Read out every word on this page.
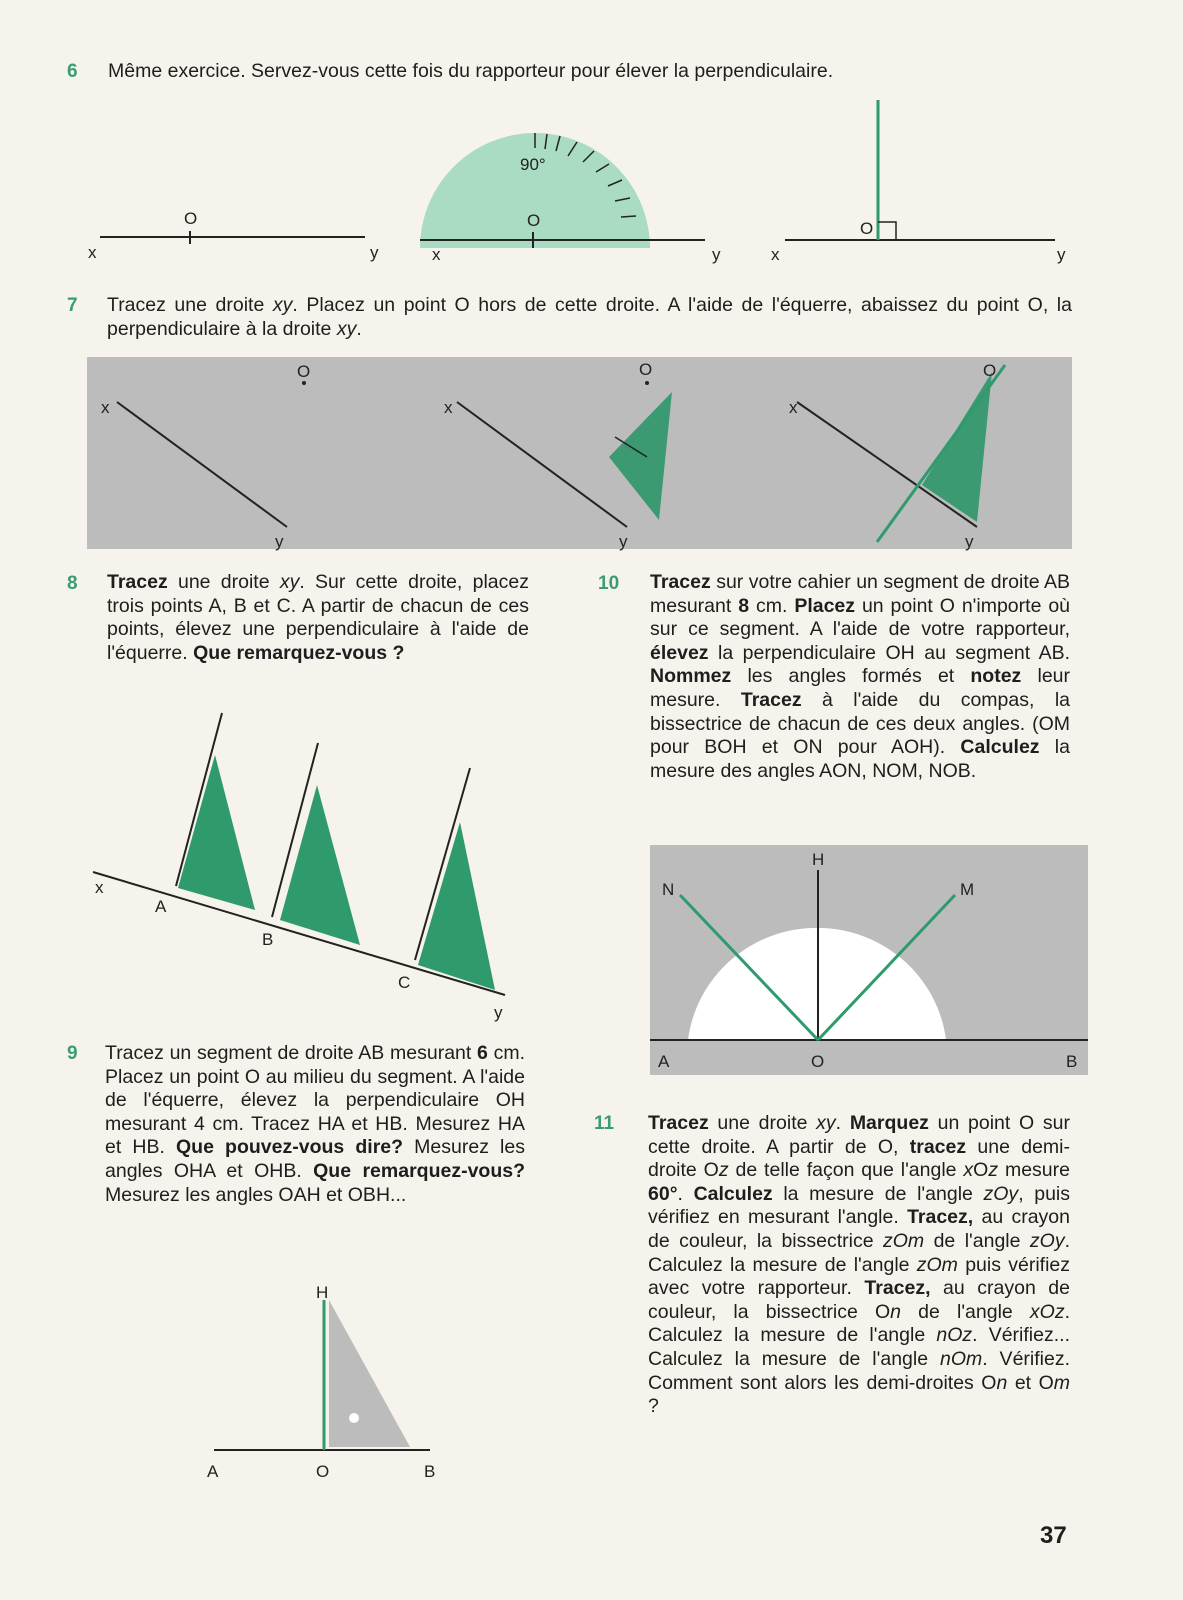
6 Même exercice. Servez-vous cette fois du rapporteur pour élever la perpendiculaire.
O
x	y
90°
O
x	y
O
x	y
7 Tracez une droite xy. Placez un point O hors de cette droite. A l'aide de l'équerre, abaissez du point O, la perpendiculaire à la droite xy.
O	O	O
x	x	x
y	y	y
8 Tracez une droite xy. Sur cette droite, placez trois points A, B et C. A partir de chacun de ces points, élevez une perpendiculaire à l'aide de l'équerre. Que remarquez-vous ?
x
A
B
C
y
9 Tracez un segment de droite AB mesurant 6 cm. Placez un point O au milieu du segment. A l'aide de l'équerre, élevez la perpendiculaire OH mesurant 4 cm. Tracez HA et HB. Mesurez HA et HB. Que pouvez-vous dire? Mesurez les angles OHA et OHB. Que remarquez-vous? Mesurez les angles OAH et OBH...
H
A	O	B
10 Tracez sur votre cahier un segment de droite AB mesurant 8 cm. Placez un point O n'importe où sur ce segment. A l'aide de votre rapporteur, élevez la perpendiculaire OH au segment AB. Nommez les angles formés et notez leur mesure. Tracez à l'aide du compas, la bissectrice de chacun de ces deux angles. (OM pour BOH et ON pour AOH). Calculez la mesure des angles AON, NOM, NOB.
H
N	M
A	O	B
11 Tracez une droite xy. Marquez un point O sur cette droite. A partir de O, tracez une demi-droite Oz de telle façon que l'angle xOz mesure 60°. Calculez la mesure de l'angle zOy, puis vérifiez en mesurant l'angle. Tracez, au crayon de couleur, la bissectrice zOm de l'angle zOy. Calculez la mesure de l'angle zOm puis vérifiez avec votre rapporteur. Tracez, au crayon de couleur, la bissectrice On de l'angle xOz. Calculez la mesure de l'angle nOz. Vérifiez... Calculez la mesure de l'angle nOm. Vérifiez. Comment sont alors les demi-droites On et Om ?
37
